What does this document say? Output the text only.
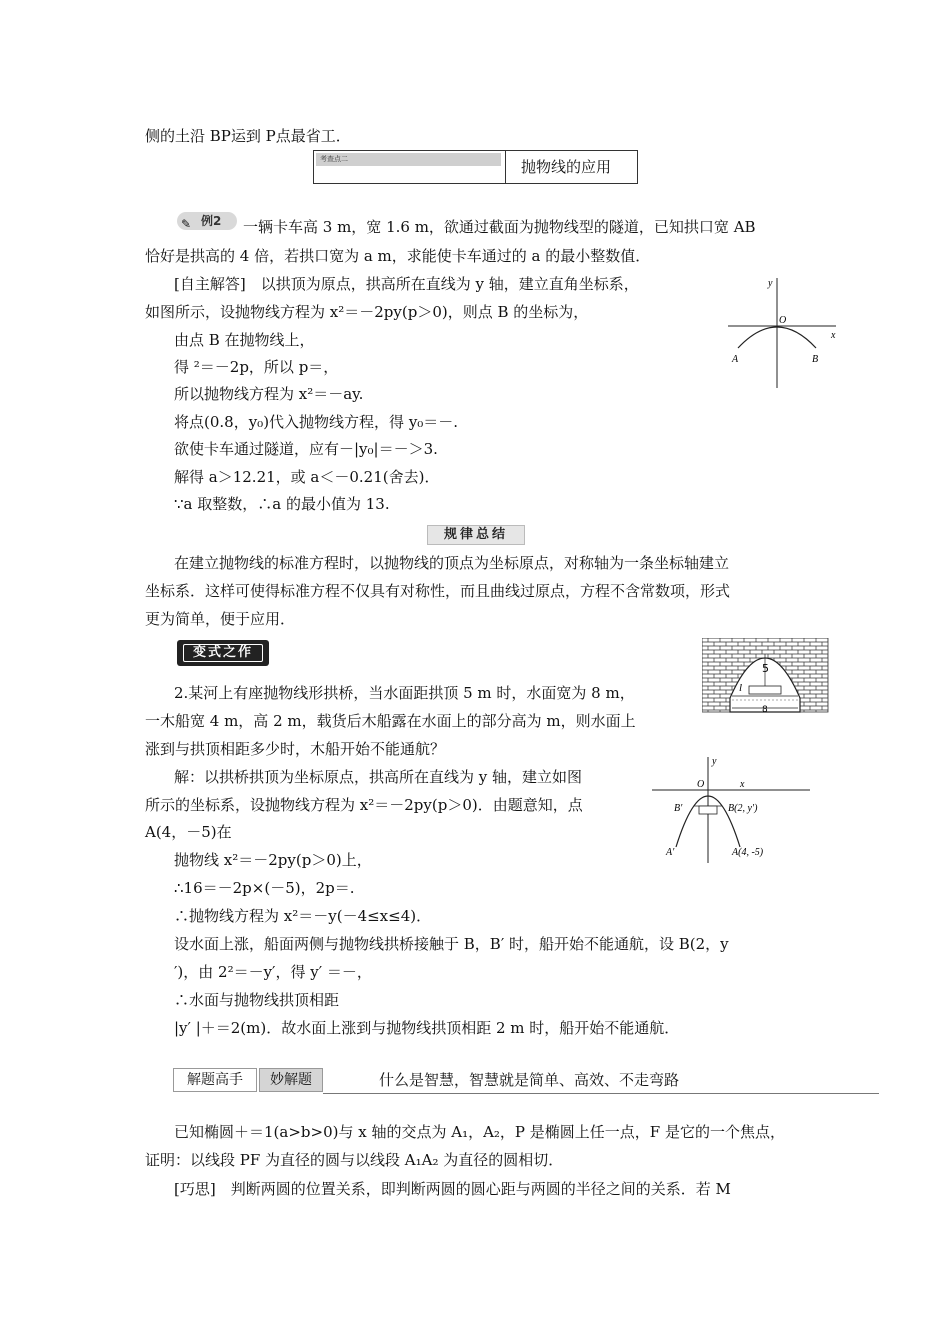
侧的土沿 BP运到 P点最省工．
考查点二	抛物线的应用
✎ 例2 一辆卡车高 3 m，宽 1.6 m，欲通过截面为抛物线型的隧道，已知拱口宽 AB
恰好是拱高的 4 倍，若拱口宽为 a m，求能使卡车通过的 a 的最小整数值．
[自主解答]　以拱顶为原点，拱高所在直线为 y 轴，建立直角坐标系，
如图所示，设抛物线方程为 x²＝－2py(p＞0)，则点 B 的坐标为，
由点 B 在抛物线上，
得 ²＝－2p，所以 p＝，
所以抛物线方程为 x²＝－ay.
将点(0.8，y₀)代入抛物线方程，得 y₀＝－.
欲使卡车通过隧道，应有－|y₀|＝－＞3.
解得 a＞12.21，或 a＜－0.21(舍去)．
∵a 取整数，∴a 的最小值为 13.
y
x
O
A	B
规律总结
在建立抛物线的标准方程时，以抛物线的顶点为坐标原点，对称轴为一条坐标轴建立
坐标系．这样可使得标准方程不仅具有对称性，而且曲线过原点，方程不含常数项，形式
更为简单，便于应用．
变式之作
5
l
8
2.某河上有座抛物线形拱桥，当水面距拱顶 5 m 时，水面宽为 8 m，
一木船宽 4 m，高 2 m，载货后木船露在水面上的部分高为 m，则水面上
涨到与拱顶相距多少时，木船开始不能通航？
解：以拱桥拱顶为坐标原点，拱高所在直线为 y 轴，建立如图
所示的坐标系，设抛物线方程为 x²＝－2py(p＞0)．由题意知，点
A(4，－5)在
抛物线 x²＝－2py(p＞0)上，
∴16＝－2p×(－5)，2p＝.
∴抛物线方程为 x²＝－y(－4≤x≤4)．
设水面上涨，船面两侧与抛物线拱桥接触于 B，B′ 时，船开始不能通航，设 B(2，y
′)，由 2²＝－y′，得 y′ ＝－，
∴水面与抛物线拱顶相距
|y′ |＋＝2(m)．故水面上涨到与抛物线拱顶相距 2 m 时，船开始不能通航．
y
O	x
B′	B(2, y′)
A′	A(4, -5)
解题高手	妙解题	什么是智慧，智慧就是简单、高效、不走弯路
已知椭圆＋＝1(a>b>0)与 x 轴的交点为 A₁，A₂，P 是椭圆上任一点，F 是它的一个焦点，
证明：以线段 PF 为直径的圆与以线段 A₁A₂ 为直径的圆相切．
[巧思]　判断两圆的位置关系，即判断两圆的圆心距与两圆的半径之间的关系．若 M
